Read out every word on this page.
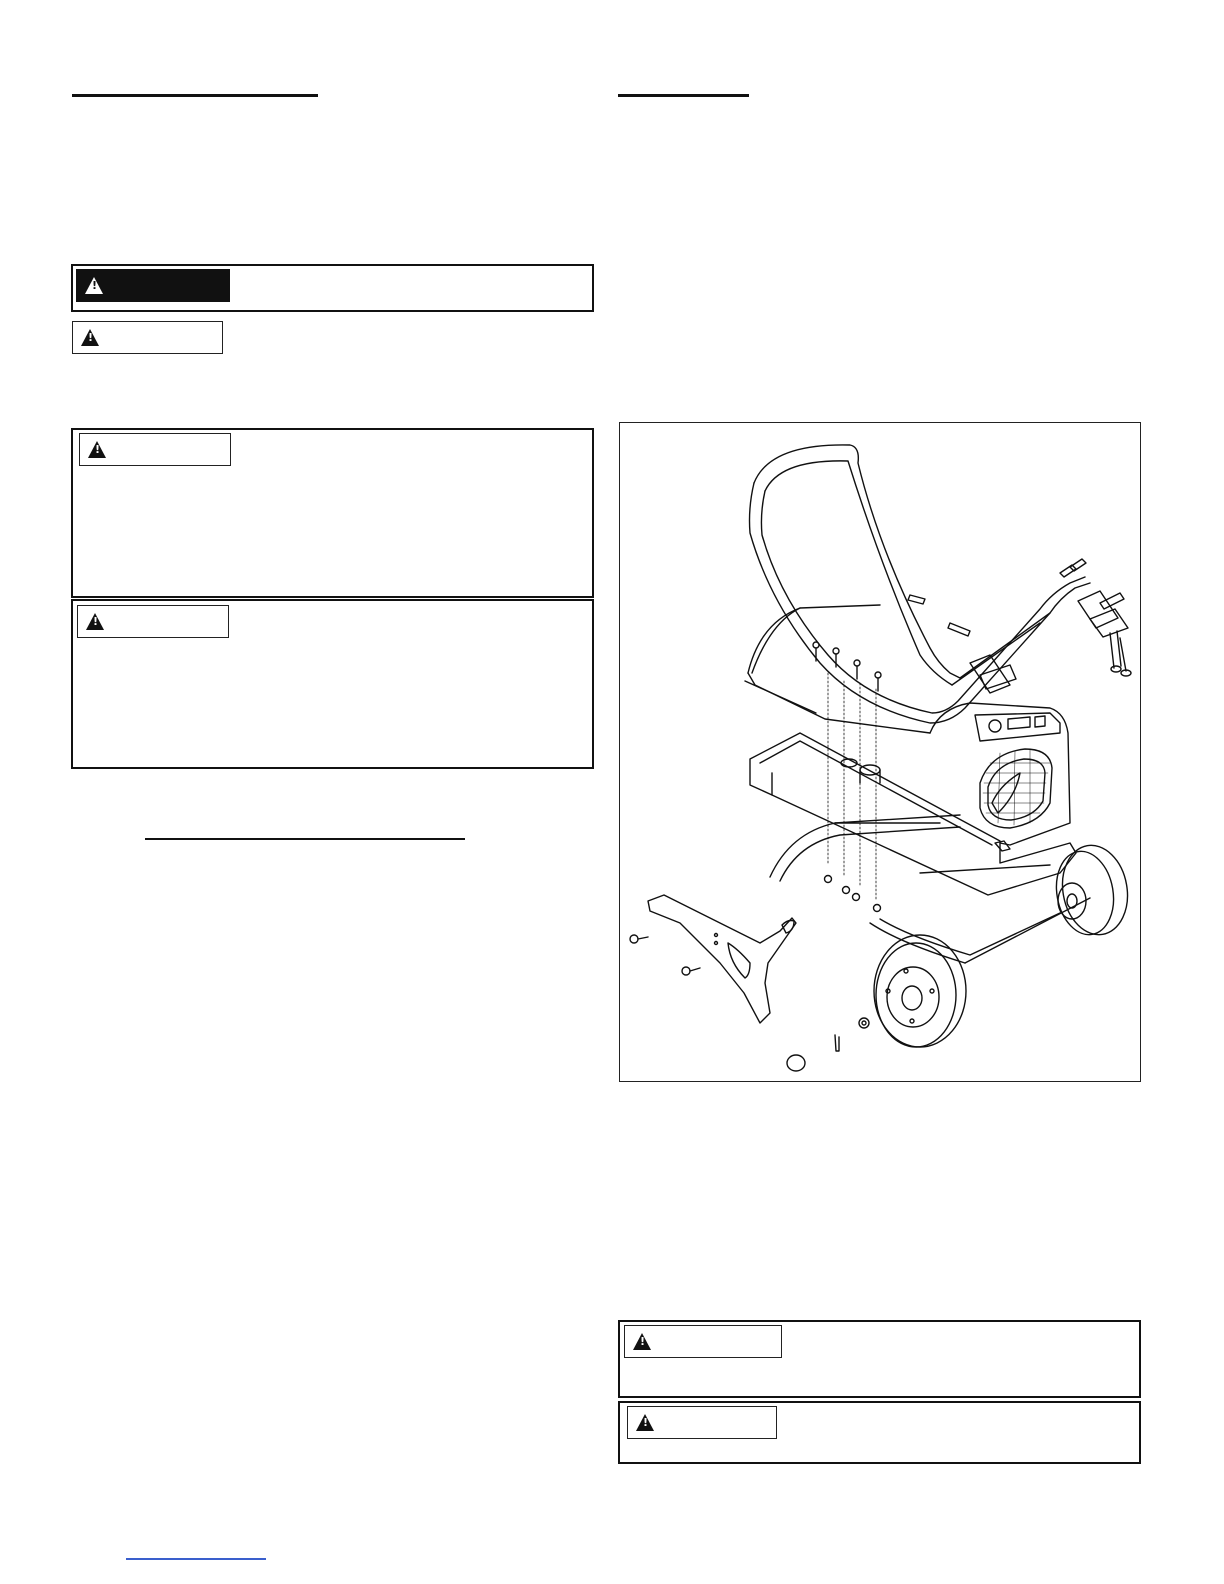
!
!
!
!
!
!
